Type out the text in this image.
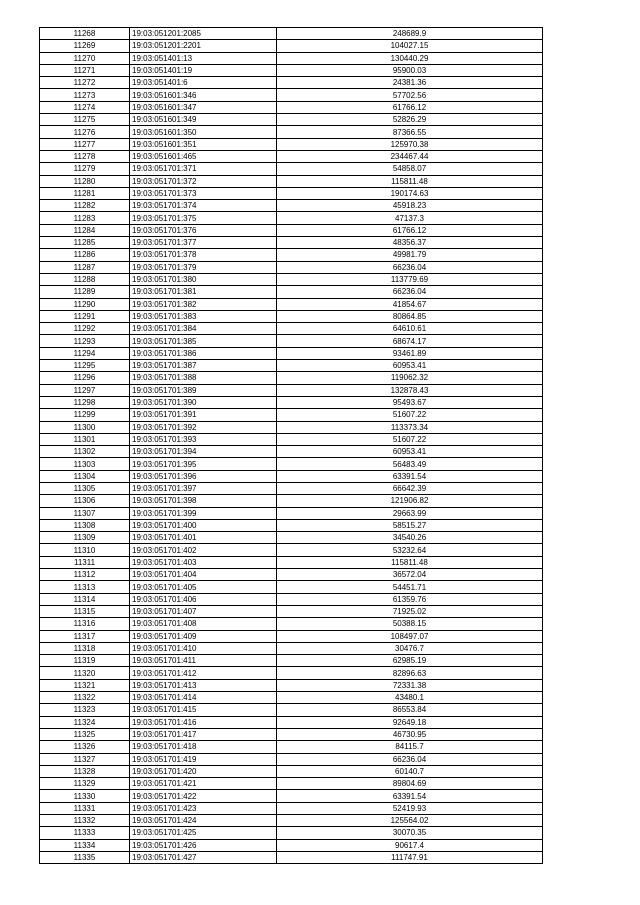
11268	19:03:051201:2085	248689.9
11269	19:03:051201:2201	104027.15
11270	19:03:051401:13	130440.29
11271	19:03:051401:19	95900.03
11272	19:03:051401:6	24381.36
11273	19:03:051601:346	57702.56
11274	19:03:051601:347	61766.12
11275	19:03:051601:349	52826.29
11276	19:03:051601:350	87366.55
11277	19:03:051601:351	125970.38
11278	19:03:051601:465	234467.44
11279	19:03:051701:371	54858.07
11280	19:03:051701:372	115811.48
11281	19:03:051701:373	190174.63
11282	19:03:051701:374	45918.23
11283	19:03:051701:375	47137.3
11284	19:03:051701:376	61766.12
11285	19:03:051701:377	48356.37
11286	19:03:051701:378	49981.79
11287	19:03:051701:379	66236.04
11288	19:03:051701:380	113779.69
11289	19:03:051701:381	66236.04
11290	19:03:051701:382	41854.67
11291	19:03:051701:383	80864.85
11292	19:03:051701:384	64610.61
11293	19:03:051701:385	68674.17
11294	19:03:051701:386	93461.89
11295	19:03:051701:387	60953.41
11296	19:03:051701:388	119062.32
11297	19:03:051701:389	132878.43
11298	19:03:051701:390	95493.67
11299	19:03:051701:391	51607.22
11300	19:03:051701:392	113373.34
11301	19:03:051701:393	51607.22
11302	19:03:051701:394	60953.41
11303	19:03:051701:395	56483.49
11304	19:03:051701:396	63391.54
11305	19:03:051701:397	66642.39
11306	19:03:051701:398	121906.82
11307	19:03:051701:399	29663.99
11308	19:03:051701:400	58515.27
11309	19:03:051701:401	34540.26
11310	19:03:051701:402	53232.64
11311	19:03:051701:403	115811.48
11312	19:03:051701:404	36572.04
11313	19:03:051701:405	54451.71
11314	19:03:051701:406	61359.76
11315	19:03:051701:407	71925.02
11316	19:03:051701:408	50388.15
11317	19:03:051701:409	108497.07
11318	19:03:051701:410	30476.7
11319	19:03:051701:411	62985.19
11320	19:03:051701:412	82896.63
11321	19:03:051701:413	72331.38
11322	19:03:051701:414	43480.1
11323	19:03:051701:415	86553.84
11324	19:03:051701:416	92649.18
11325	19:03:051701:417	46730.95
11326	19:03:051701:418	84115.7
11327	19:03:051701:419	66236.04
11328	19:03:051701:420	60140.7
11329	19:03:051701:421	89804.69
11330	19:03:051701:422	63391.54
11331	19:03:051701:423	52419.93
11332	19:03:051701:424	125564.02
11333	19:03:051701:425	30070.35
11334	19:03:051701:426	90617.4
11335	19:03:051701:427	111747.91
